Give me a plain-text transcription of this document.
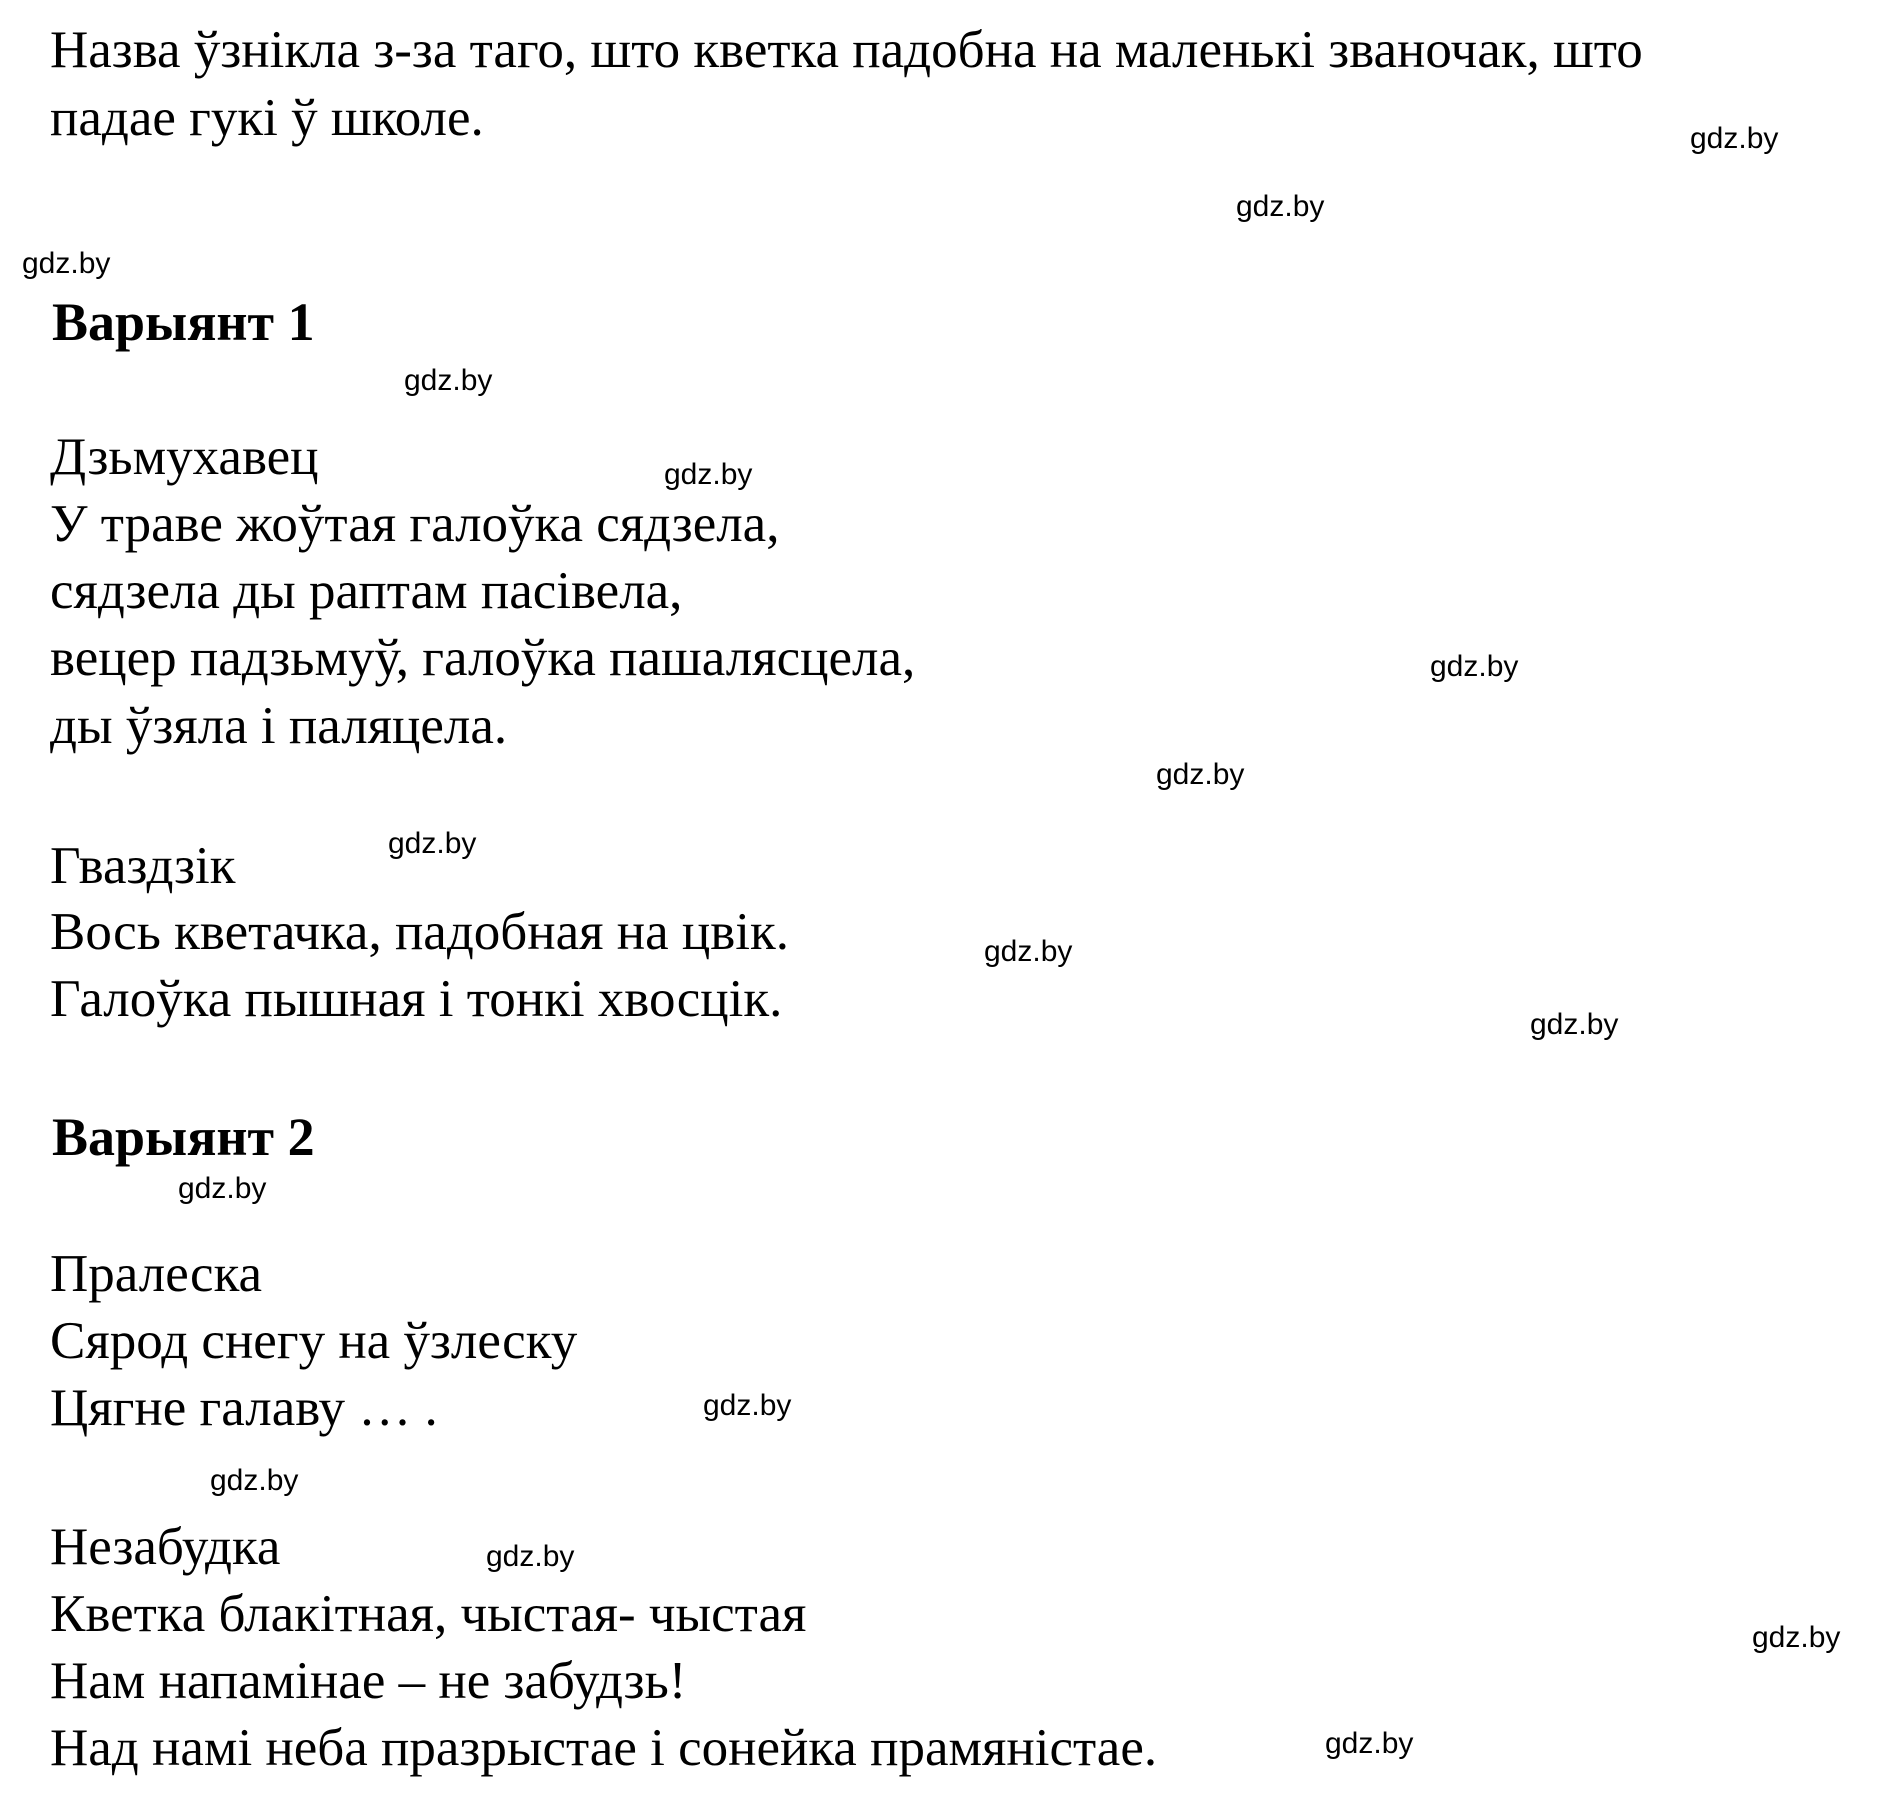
Назва ўзнікла з-за таго, што кветка падобна на маленькі званочак, што

падае гукі ў школе.

Варыянт 1

Дзьмухавец

У траве жоўтая галоўка сядзела,

сядзела ды раптам пасівела,

вецер падзьмуў, галоўка пашалясцела,

ды ўзяла і паляцела.

Гваздзік

Вось кветачка, падобная на цвік.

Галоўка пышная і тонкі хвосцік.

Варыянт 2

Пралеска

Сярод снегу на ўзлеску

Цягне галаву … .

Незабудка

Кветка блакітная, чыстая- чыстая

Нам напамінае – не забудзь!

Над намі неба празрыстае і сонейка прамяністае.

gdz.by
gdz.by
gdz.by
gdz.by
gdz.by
gdz.by
gdz.by
gdz.by
gdz.by
gdz.by
gdz.by
gdz.by
gdz.by
gdz.by
gdz.by
gdz.by
